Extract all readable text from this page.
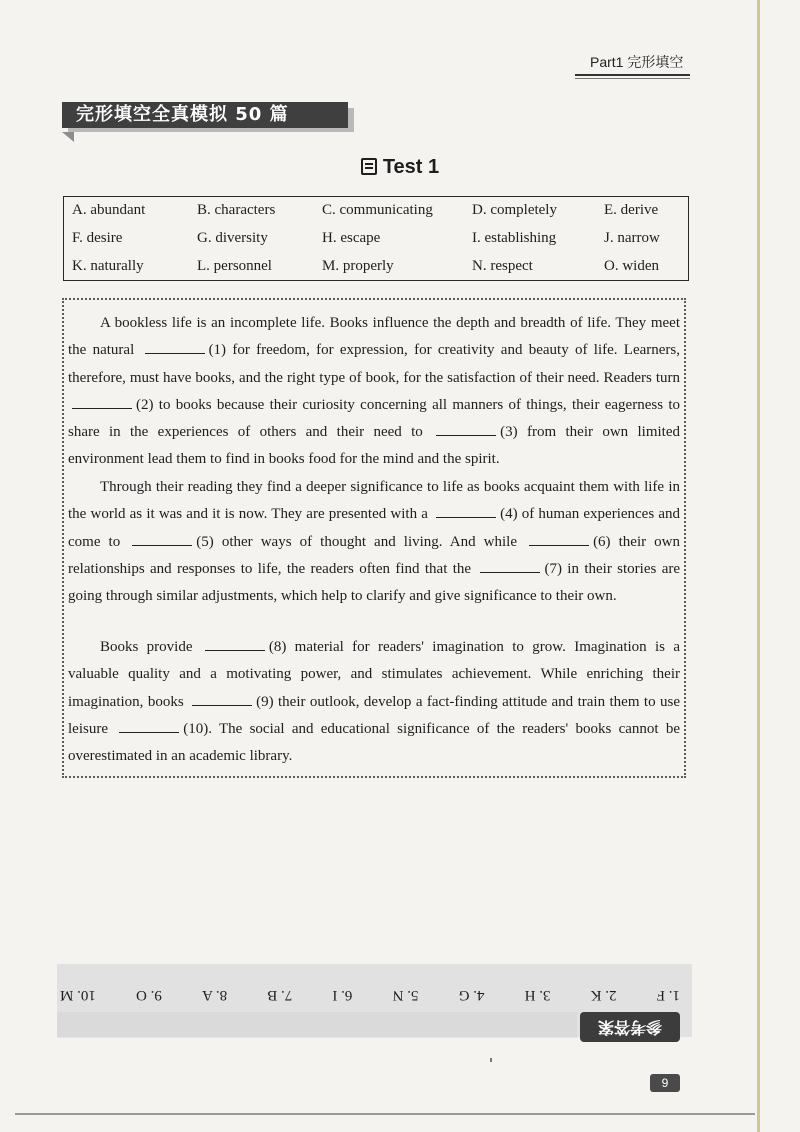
Part1 完形填空
完形填空全真模拟 50 篇
Test 1
A. abundant	B. characters	C. communicating	D. completely	E. derive
F. desire	G. diversity	H. escape	I. establishing	J. narrow
K. naturally	L. personnel	M. properly	N. respect	O. widen

A bookless life is an incomplete life. Books influence the depth and breadth of life. They meet the natural	(1) for freedom, for expression, for creativity and beauty of life. Learners, therefore, must have books, and the right type of book, for the satisfaction of their need. Readers turn (2) to books because their curiosity concerning all manners of things, their eagerness to share in the experiences of others and their need to	(3) from their own limited environment lead them to find in books food for the mind and the spirit.

Through their reading they find a deeper significance to life as books acquaint them with life in the world as it was and it is now. They are presented with a	(4) of human experiences and come to	(5) other ways of thought and living. And while	(6) their own relationships and responses to life, the readers often find that the	(7) in their stories are going through similar adjustments, which help to clarify and give significance to their own.

Books provide	(8) material for readers' imagination to grow. Imagination is a valuable quality and a motivating power, and stimulates achievement. While enriching their imagination, books	(9) their outlook, develop a fact-finding attitude and train them to use leisure	(10). The social and educational significance of the readers' books cannot be overestimated in an academic library.

1. F
2. K
3. H
4. G
5. N
6. I
7. B
8. A
9. O
10. M
参考答案
9
